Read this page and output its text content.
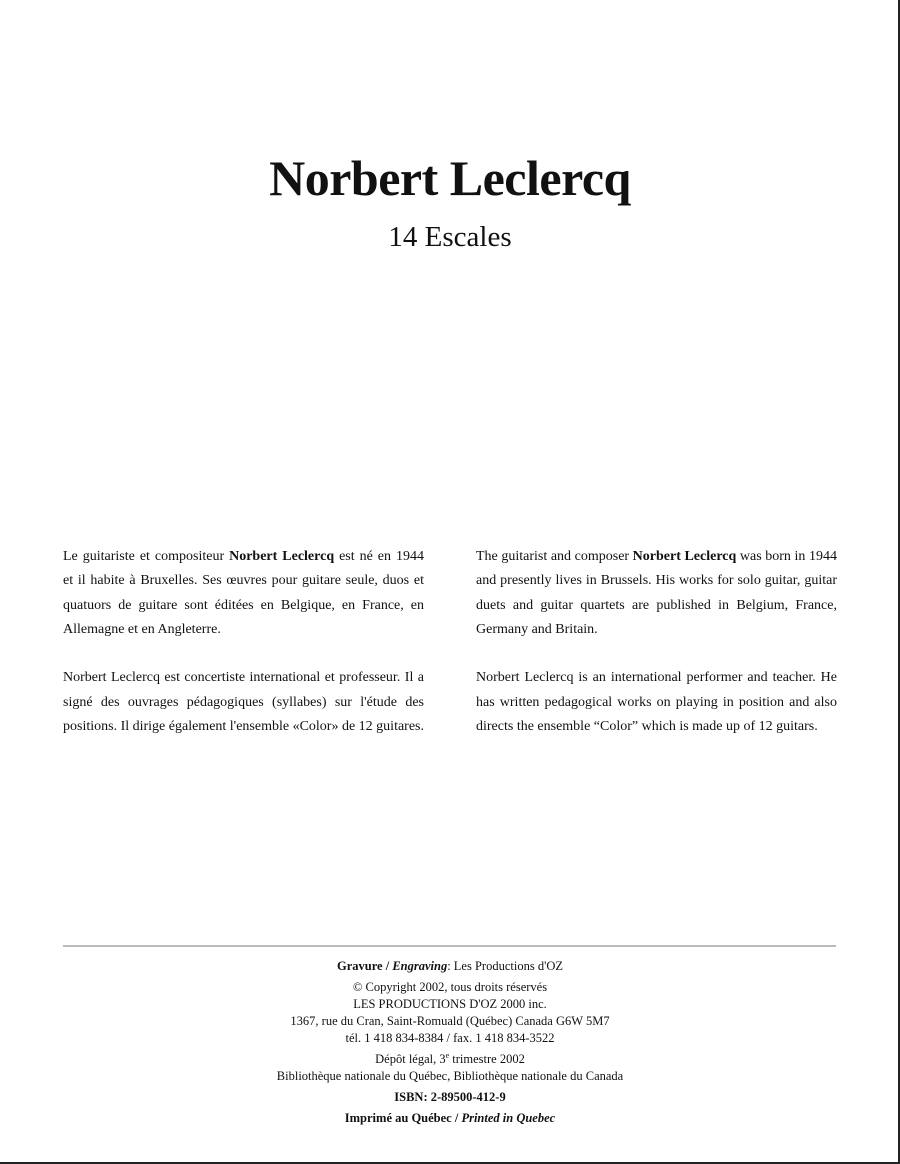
Norbert Leclercq
14 Escales

Le guitariste et compositeur Norbert Leclercq est né en 1944 et il habite à Bruxelles. Ses œuvres pour guitare seule, duos et quatuors de guitare sont éditées en Belgique, en France, en Allemagne et en Angleterre.

Norbert Leclercq est concertiste international et professeur. Il a signé des ouvrages pédagogiques (syllabes) sur l'étude des positions. Il dirige également l'ensemble «Color» de 12 guitares.

The guitarist and composer Norbert Leclercq was born in 1944 and presently lives in Brussels. His works for solo guitar, guitar duets and guitar quartets are published in Belgium, France, Germany and Britain.

Norbert Leclercq is an international performer and teacher. He has written pedagogical works on playing in position and also directs the ensemble “Color” which is made up of 12 guitars.

Gravure / Engraving: Les Productions d'OZ
© Copyright 2002, tous droits réservés
LES PRODUCTIONS D'OZ 2000 inc.
1367, rue du Cran, Saint-Romuald (Québec) Canada G6W 5M7
tél. 1 418 834-8384 / fax. 1 418 834-3522
Dépôt légal, 3e trimestre 2002
Bibliothèque nationale du Québec, Bibliothèque nationale du Canada
ISBN: 2-89500-412-9
Imprimé au Québec / Printed in Quebec
